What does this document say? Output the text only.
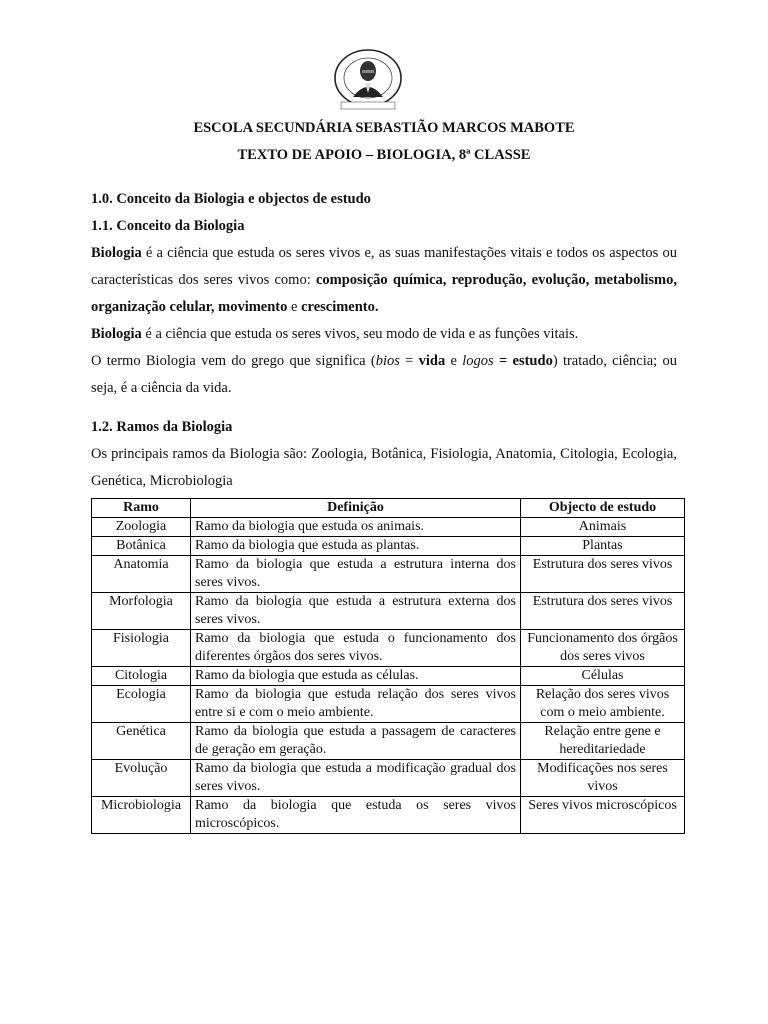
ESCOLA SECUNDÁRIA SEBASTIÃO MARCOS MABOTE
TEXTO DE APOIO – BIOLOGIA, 8ª CLASSE
1.0. Conceito da Biologia e objectos de estudo
1.1. Conceito da Biologia

Biologia é a ciência que estuda os seres vivos e, as suas manifestações vitais e todos os aspectos ou características dos seres vivos como: composição química, reprodução, evolução, metabolismo, organização celular, movimento e crescimento.

Biologia é a ciência que estuda os seres vivos, seu modo de vida e as funções vitais.

O termo Biologia vem do grego que significa (bios = vida e logos = estudo) tratado, ciência; ou seja, é a ciência da vida.

1.2. Ramos da Biologia

Os principais ramos da Biologia são: Zoologia, Botânica, Fisiologia, Anatomia, Citologia, Ecologia, Genética, Microbiologia

Ramo	Definição	Objecto de estudo
Zoologia	Ramo da biologia que estuda os animais.	Animais
Botânica	Ramo da biologia que estuda as plantas.	Plantas
Anatomia	Ramo da biologia que estuda a estrutura interna dos seres vivos.	Estrutura dos seres vivos
Morfologia	Ramo da biologia que estuda a estrutura externa dos seres vivos.	Estrutura dos seres vivos
Fisiologia	Ramo da biologia que estuda o funcionamento dos diferentes órgãos dos seres vivos.	Funcionamento dos órgãos dos seres vivos
Citologia	Ramo da biologia que estuda as células.	Células
Ecologia	Ramo da biologia que estuda relação dos seres vivos entre si e com o meio ambiente.	Relação dos seres vivos com o meio ambiente.
Genética	Ramo da biologia que estuda a passagem de caracteres de geração em geração.	Relação entre gene e hereditariedade
Evolução	Ramo da biologia que estuda a modificação gradual dos seres vivos.	Modificações nos seres vivos
Microbiologia	Ramo da biologia que estuda os seres vivos microscópicos.	Seres vivos microscópicos
